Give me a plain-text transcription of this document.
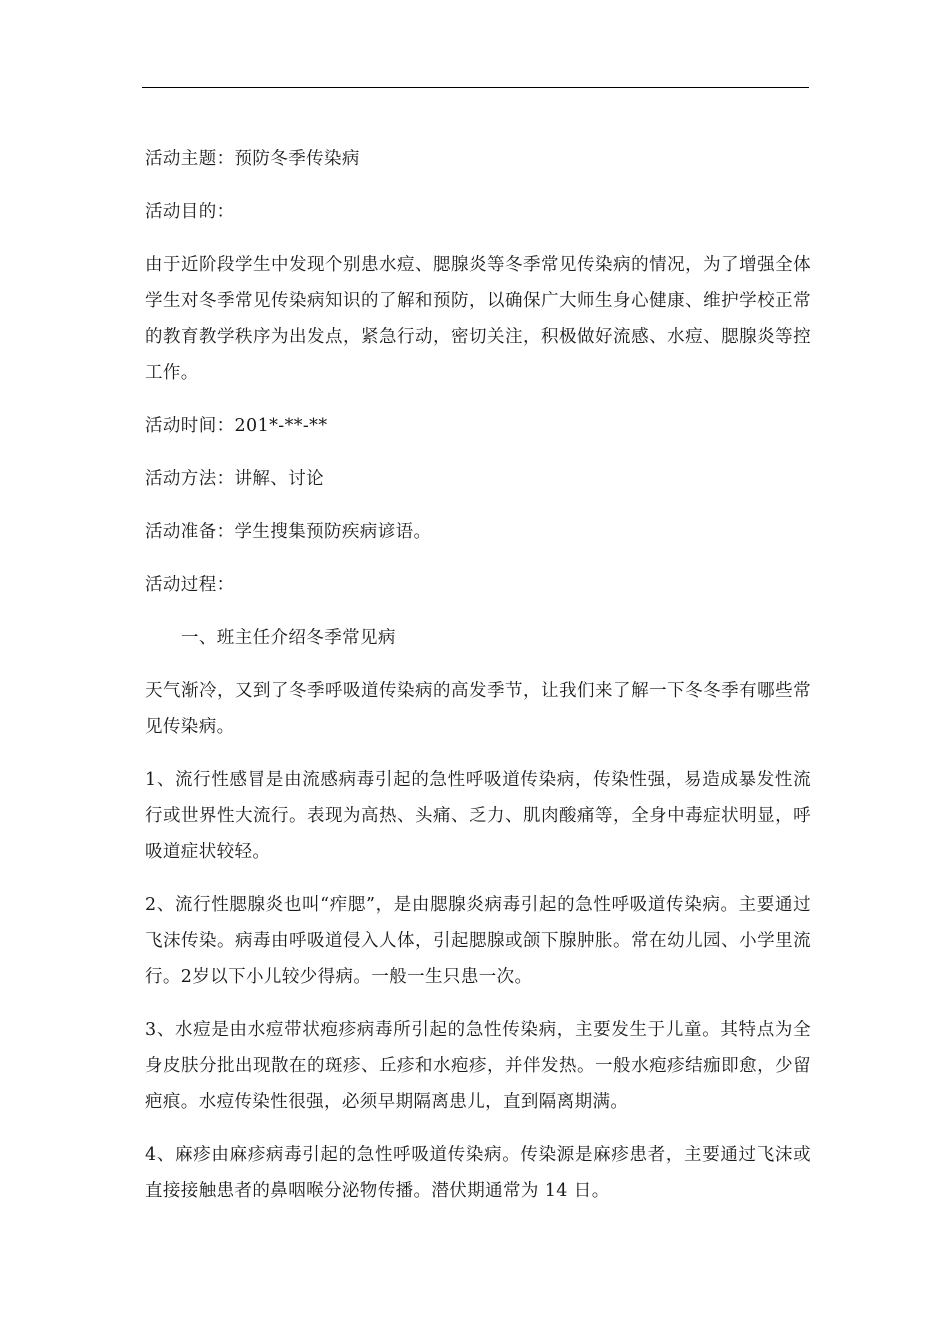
活动主题：预防冬季传染病

活动目的：

由于近阶段学生中发现个别患水痘、腮腺炎等冬季常见传染病的情况，为了增强全体学生对冬季常见传染病知识的了解和预防，以确保广大师生身心健康、维护学校正常的教育教学秩序为出发点，紧急行动，密切关注，积极做好流感、水痘、腮腺炎等控工作。

活动时间：201*-**-**

活动方法：讲解、讨论

活动准备：学生搜集预防疾病谚语。

活动过程：

一、班主任介绍冬季常见病

天气渐冷，又到了冬季呼吸道传染病的高发季节，让我们来了解一下冬冬季有哪些常见传染病。

1、流行性感冒是由流感病毒引起的急性呼吸道传染病，传染性强，易造成暴发性流行或世界性大流行。表现为高热、头痛、乏力、肌肉酸痛等，全身中毒症状明显，呼吸道症状较轻。

2、流行性腮腺炎也叫“痄腮”，是由腮腺炎病毒引起的急性呼吸道传染病。主要通过飞沫传染。病毒由呼吸道侵入人体，引起腮腺或颌下腺肿胀。常在幼儿园、小学里流行。2岁以下小儿较少得病。一般一生只患一次。

3、水痘是由水痘带状疱疹病毒所引起的急性传染病，主要发生于儿童。其特点为全身皮肤分批出现散在的斑疹、丘疹和水疱疹，并伴发热。一般水疱疹结痂即愈，少留疤痕。水痘传染性很强，必须早期隔离患儿，直到隔离期满。

4、麻疹由麻疹病毒引起的急性呼吸道传染病。传染源是麻疹患者，主要通过飞沫或直接接触患者的鼻咽喉分泌物传播。潜伏期通常为 14 日。
